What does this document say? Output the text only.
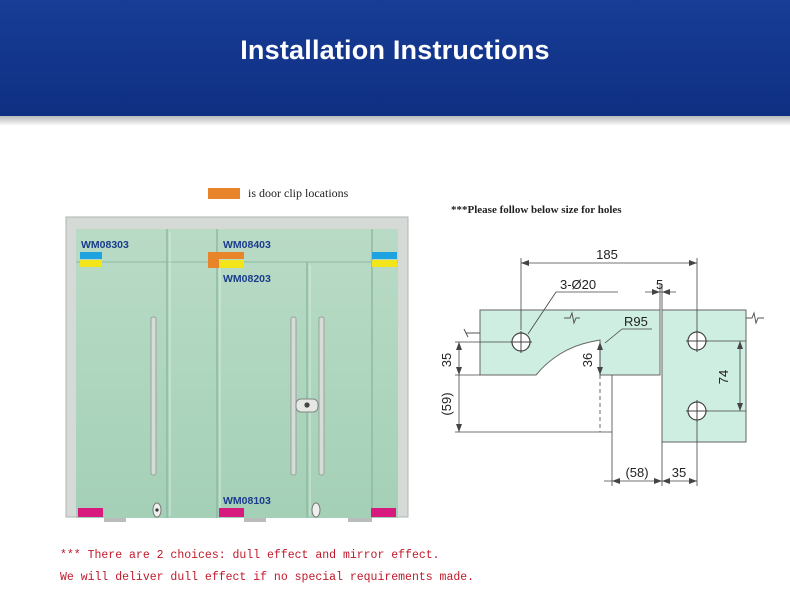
Installation Instructions
is door clip locations
***Please follow below size for holes
WM08303	WM08403
WM08203
WM08103
185
3-Ø20	5
R95
35	36
(59)
74
(58) 35
*** There are 2 choices: dull effect and mirror effect.
We will deliver dull effect if no special requirements made.
